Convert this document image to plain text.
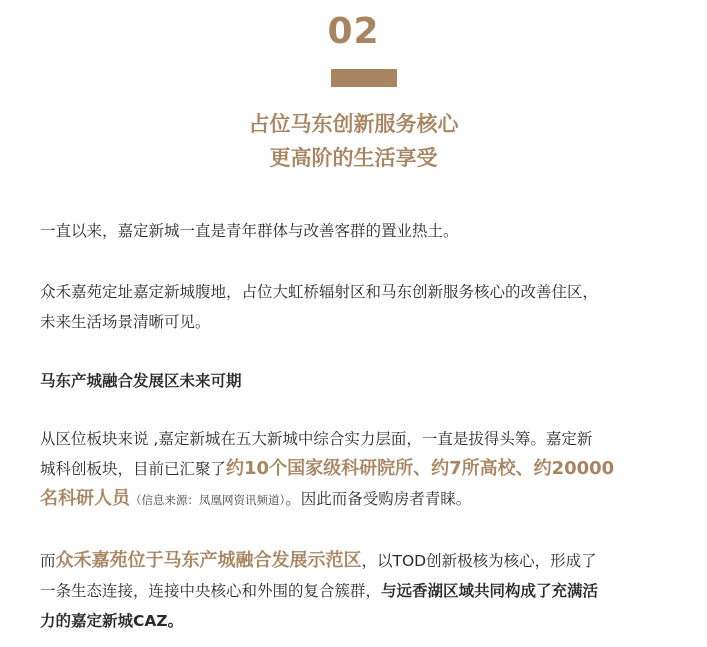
02
占位马东创新服务核心
更高阶的生活享受
一直以来，嘉定新城一直是青年群体与改善客群的置业热土。
众禾嘉苑定址嘉定新城腹地，占位大虹桥辐射区和马东创新服务核心的改善住区，
未来生活场景清晰可见。
马东产城融合发展区未来可期
从区位板块来说 ,嘉定新城在五大新城中综合实力层面，一直是拔得头筹。嘉定新
城科创板块，目前已汇聚了约10个国家级科研院所、约7所高校、约20000
名科研人员（信息来源：凤凰网资讯频道）。因此而备受购房者青睐。
而众禾嘉苑位于马东产城融合发展示范区，以TOD创新极核为核心，形成了
一条生态连接，连接中央核心和外围的复合簇群，与远香湖区域共同构成了充满活
力的嘉定新城CAZ。
